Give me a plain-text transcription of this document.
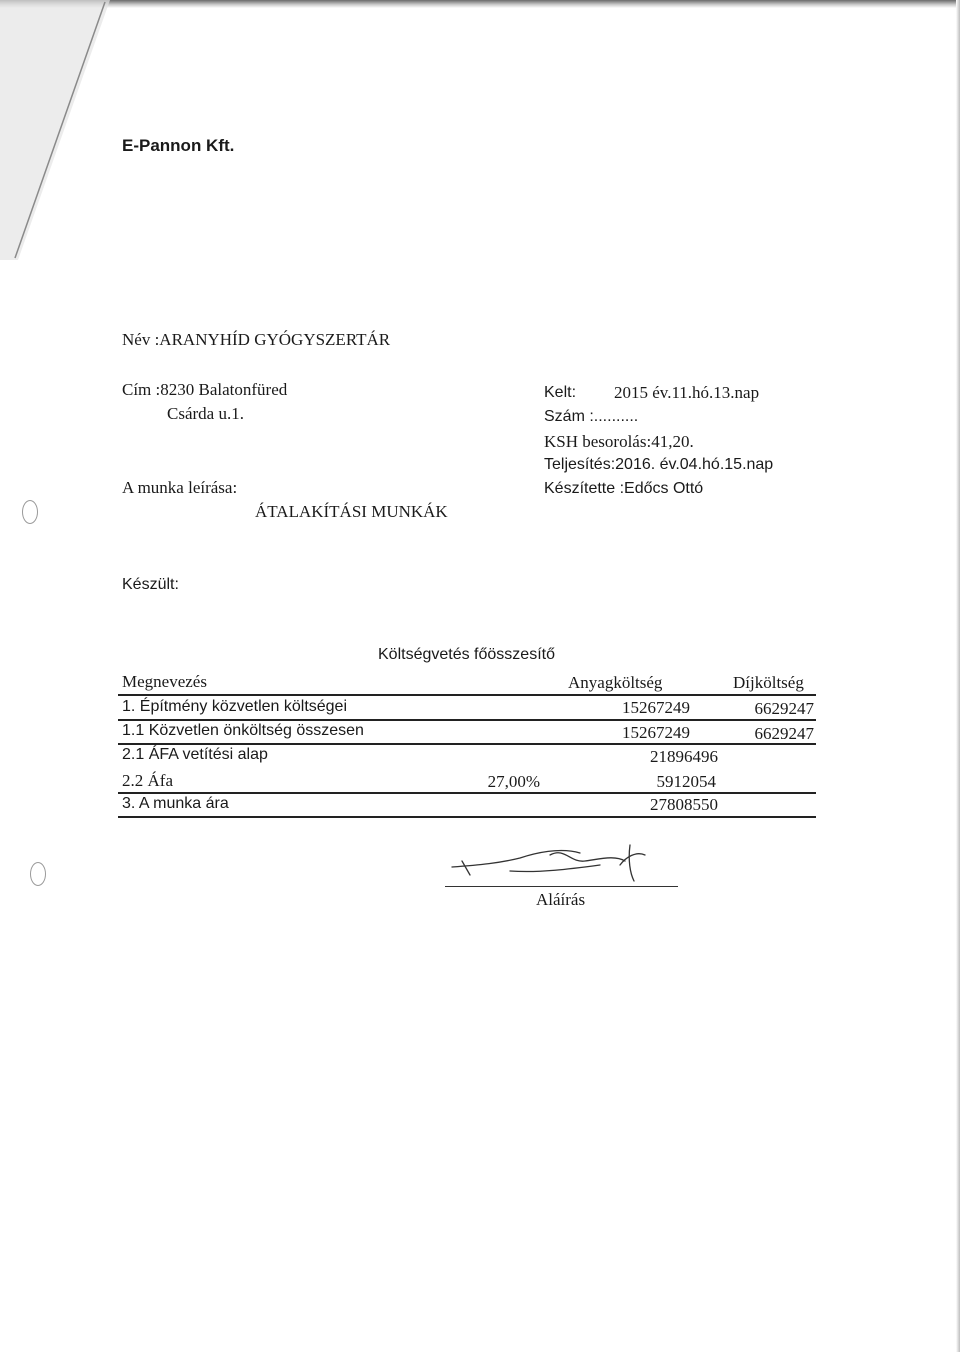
E-Pannon Kft.
Név :ARANYHÍD GYÓGYSZERTÁR
Cím :8230 Balatonfüred
Csárda u.1.
A munka leírása:
ÁTALAKÍTÁSI MUNKÁK
Kelt: 2015 év.11.hó.13.nap
Szám :..........
KSH besorolás:41,20.
Teljesítés:2016. év.04.hó.15.nap
Készítette :Edőcs Ottó
Készült:
Költségvetés főösszesítő
Megnevezés	Anyagköltség	Díjköltség
1. Építmény közvetlen költségei	15267249	6629247
1.1 Közvetlen önköltség összesen	15267249	6629247
2.1 ÁFA vetítési alap	21896496
2.2 Áfa	27,00%	5912054
3. A munka ára	27808550
Aláírás
